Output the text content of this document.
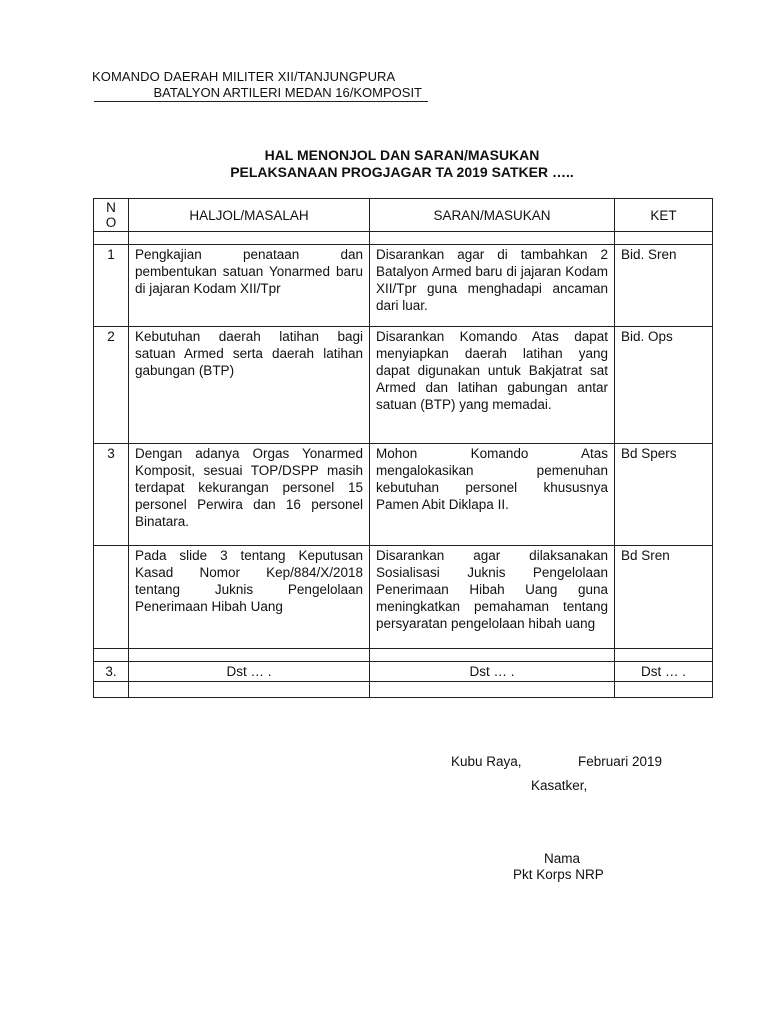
KOMANDO DAERAH MILITER XII/TANJUNGPURA
BATALYON ARTILERI MEDAN 16/KOMPOSIT
HAL MENONJOL DAN SARAN/MASUKAN
PELAKSANAAN PROGJAGAR TA 2019 SATKER …..
N O	HALJOL/MASALAH	SARAN/MASUKAN	KET

1	Pengkajian penataan dan pembentukan satuan Yonarmed baru di jajaran Kodam XII/Tpr	Disarankan agar di tambahkan 2 Batalyon Armed baru di jajaran Kodam XII/Tpr guna menghadapi ancaman dari luar.	Bid. Sren
2	Kebutuhan daerah latihan bagi satuan Armed serta daerah latihan gabungan (BTP)	Disarankan Komando Atas dapat menyiapkan daerah latihan yang dapat digunakan untuk Bakjatrat sat Armed dan latihan gabungan antar satuan (BTP) yang memadai.	Bid. Ops
3	Dengan adanya Orgas Yonarmed Komposit, sesuai TOP/DSPP masih terdapat kekurangan personel 15 personel Perwira dan 16 personel Binatara.	Mohon Komando Atas mengalokasikan pemenuhan kebutuhan personel khususnya Pamen Abit Diklapa II.	Bd Spers
	Pada slide 3 tentang Keputusan Kasad Nomor Kep/884/X/2018 tentang Juknis Pengelolaan Penerimaan Hibah Uang	Disarankan agar dilaksanakan Sosialisasi Juknis Pengelolaan Penerimaan Hibah Uang guna meningkatkan pemahaman tentang persyaratan pengelolaan hibah uang	Bd Sren

3.	Dst … .	Dst … .	Dst … .

Kubu Raya,	Februari 2019
Kasatker,
Nama
Pkt Korps NRP
